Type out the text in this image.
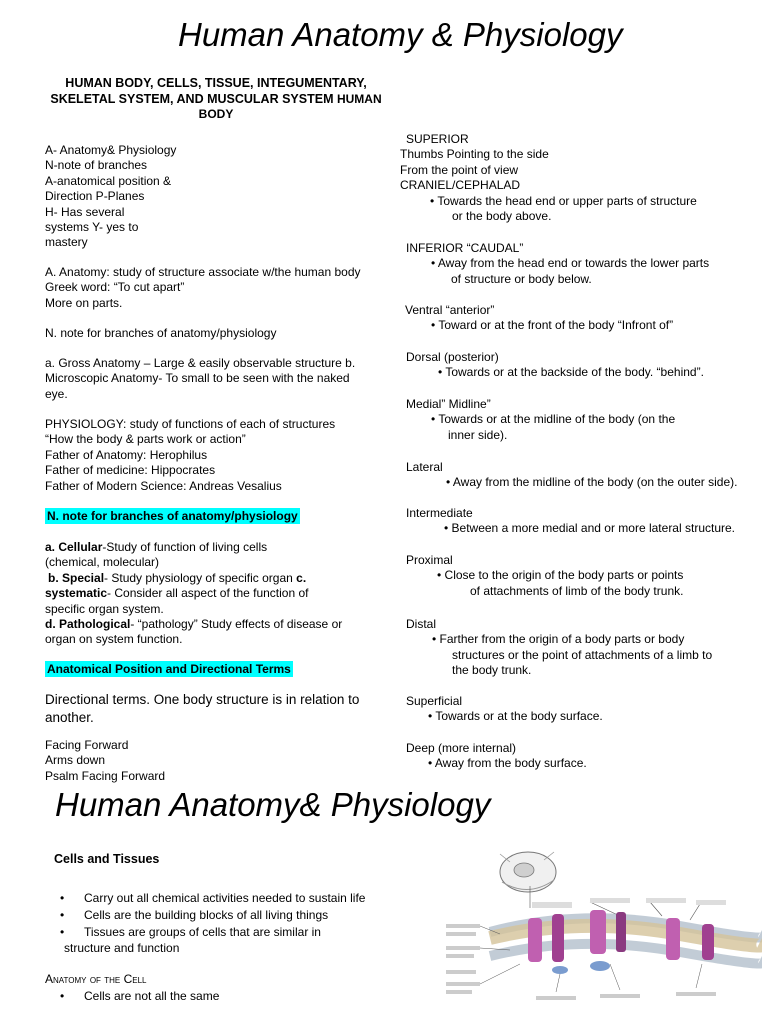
Human Anatomy & Physiology
HUMAN BODY, CELLS, TISSUE, INTEGUMENTARY, SKELETAL SYSTEM, AND MUSCULAR SYSTEM HUMAN BODY
A- Anatomy& Physiology
N-note of branches
A-anatomical position &
Direction P-Planes
H- Has several
systems Y- yes to
mastery
A. Anatomy: study of structure associate w/the human body
Greek word: “To cut apart”
More on parts.
N. note for branches of anatomy/physiology
a. Gross Anatomy – Large & easily observable structure b.
Microscopic Anatomy- To small to be seen with the naked
eye.
PHYSIOLOGY: study of functions of each of structures
“How the body & parts work or action”
Father of Anatomy: Herophilus
Father of medicine: Hippocrates
Father of Modern Science: Andreas Vesalius
N. note for branches of anatomy/physiology
a. Cellular-Study of function of living cells
(chemical, molecular)
b. Special- Study physiology of specific organ c.
systematic- Consider all aspect of the function of
specific organ system.
d. Pathological- “pathology” Study effects of disease or
organ on system function.
Anatomical Position and Directional Terms
Directional terms. One body structure is in relation to
another.
Facing Forward
Arms down
Psalm Facing Forward
SUPERIOR
Thumbs Pointing to the side
From the point of view
CRANIEL/CEPHALAD
• Towards the head end or upper parts of structure
or the body above.
INFERIOR “CAUDAL”
• Away from the head end or towards the lower parts
of structure or body below.
Ventral “anterior”
• Toward or at the front of the body “Infront of”
Dorsal (posterior)
• Towards or at the backside of the body. “behind”.
Medial” Midline”
• Towards or at the midline of the body (on the
inner side).
Lateral
• Away from the midline of the body (on the outer side).
Intermediate
• Between a more medial and or more lateral structure.
Proximal
• Close to the origin of the body parts or points
of attachments of limb of the body trunk.
Distal
• Farther from the origin of a body parts or body
structures or the point of attachments of a limb to
the body trunk.
Superficial
• Towards or at the body surface.
Deep (more internal)
• Away from the body surface.
Human Anatomy& Physiology
Cells and Tissues
• Carry out all chemical activities needed to sustain life
• Cells are the building blocks of all living things
• Tissues are groups of cells that are similar in
structure and function
Anatomy of the Cell
• Cells are not all the same
